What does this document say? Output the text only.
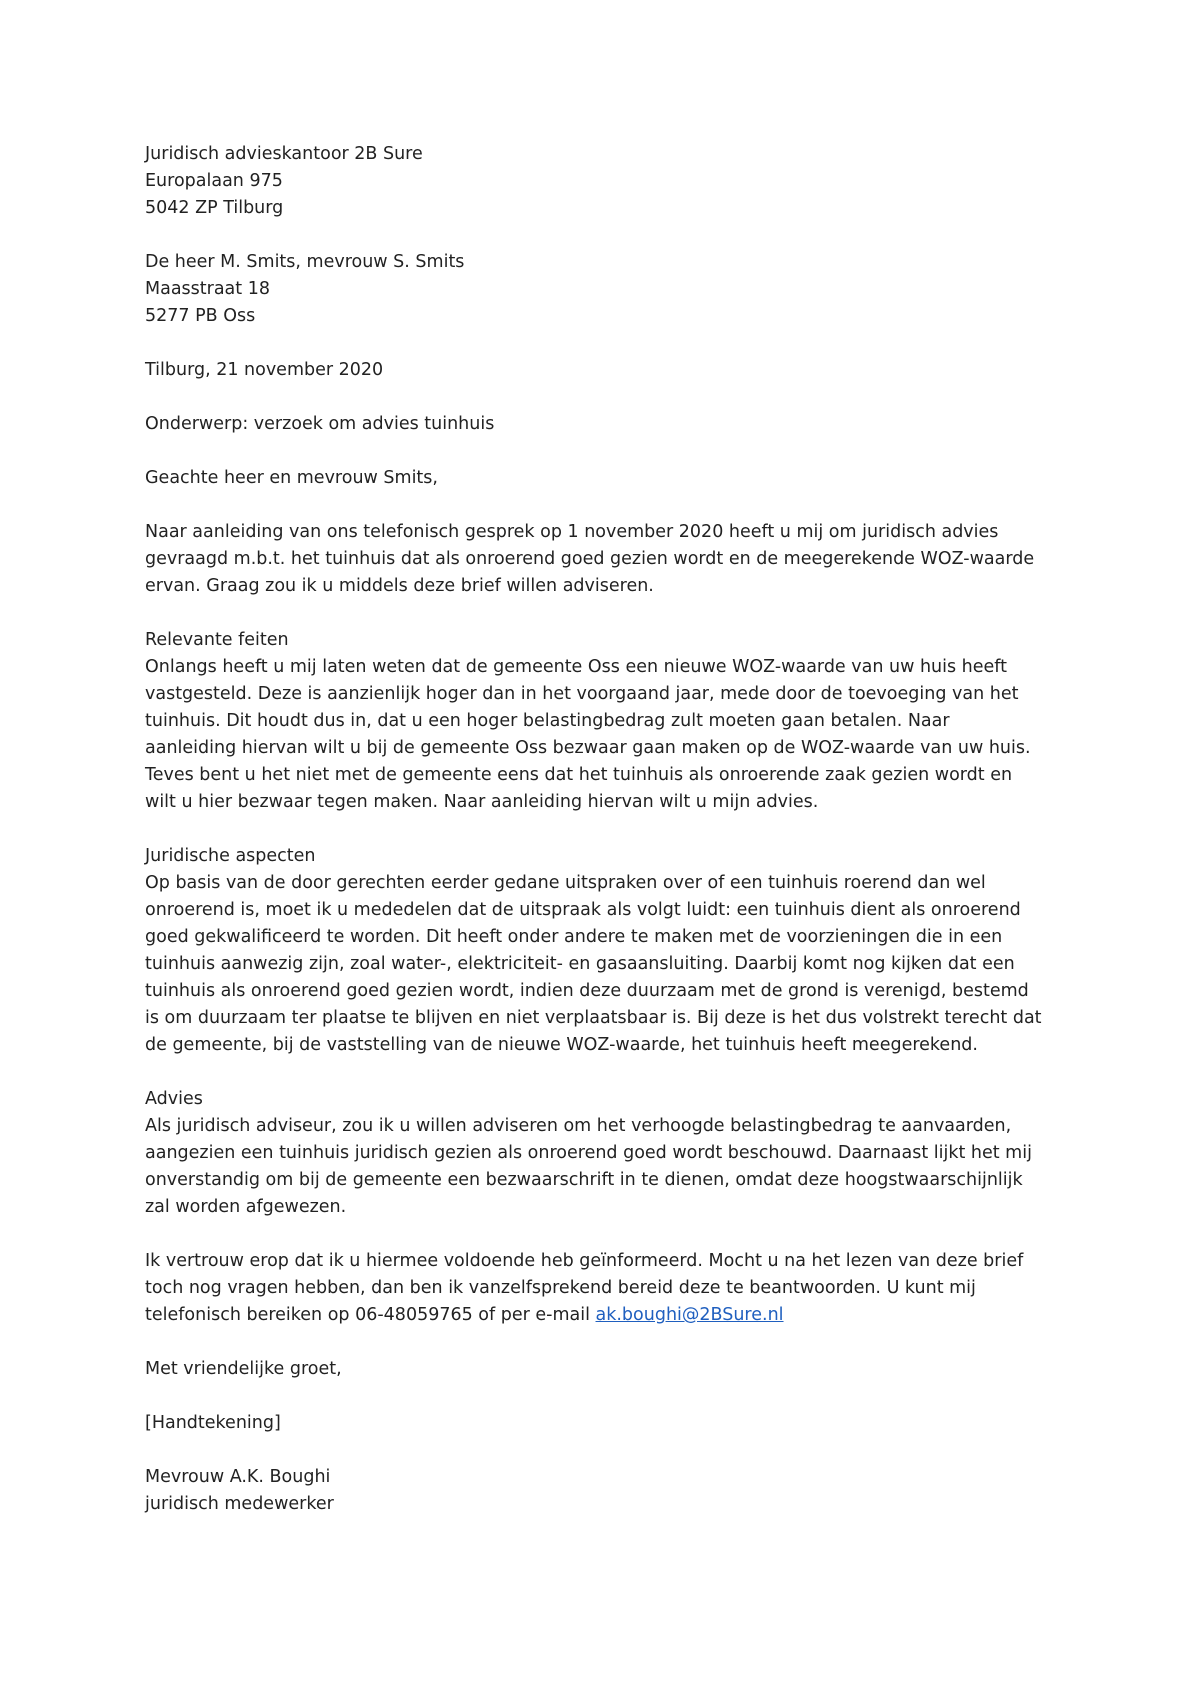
Juridisch advieskantoor 2B Sure
Europalaan 975
5042 ZP Tilburg
De heer M. Smits, mevrouw S. Smits
Maasstraat 18
5277 PB Oss
Tilburg, 21 november 2020
Onderwerp: verzoek om advies tuinhuis
Geachte heer en mevrouw Smits,
Naar aanleiding van ons telefonisch gesprek op 1 november 2020 heeft u mij om juridisch advies
gevraagd m.b.t. het tuinhuis dat als onroerend goed gezien wordt en de meegerekende WOZ-waarde
ervan. Graag zou ik u middels deze brief willen adviseren.
Relevante feiten
Onlangs heeft u mij laten weten dat de gemeente Oss een nieuwe WOZ-waarde van uw huis heeft
vastgesteld. Deze is aanzienlijk hoger dan in het voorgaand jaar, mede door de toevoeging van het
tuinhuis. Dit houdt dus in, dat u een hoger belastingbedrag zult moeten gaan betalen. Naar
aanleiding hiervan wilt u bij de gemeente Oss bezwaar gaan maken op de WOZ-waarde van uw huis.
Teves bent u het niet met de gemeente eens dat het tuinhuis als onroerende zaak gezien wordt en
wilt u hier bezwaar tegen maken. Naar aanleiding hiervan wilt u mijn advies.
Juridische aspecten
Op basis van de door gerechten eerder gedane uitspraken over of een tuinhuis roerend dan wel
onroerend is, moet ik u mededelen dat de uitspraak als volgt luidt: een tuinhuis dient als onroerend
goed gekwalificeerd te worden. Dit heeft onder andere te maken met de voorzieningen die in een
tuinhuis aanwezig zijn, zoal water-, elektriciteit- en gasaansluiting. Daarbij komt nog kijken dat een
tuinhuis als onroerend goed gezien wordt, indien deze duurzaam met de grond is verenigd, bestemd
is om duurzaam ter plaatse te blijven en niet verplaatsbaar is. Bij deze is het dus volstrekt terecht dat
de gemeente, bij de vaststelling van de nieuwe WOZ-waarde, het tuinhuis heeft meegerekend.
Advies
Als juridisch adviseur, zou ik u willen adviseren om het verhoogde belastingbedrag te aanvaarden,
aangezien een tuinhuis juridisch gezien als onroerend goed wordt beschouwd. Daarnaast lijkt het mij
onverstandig om bij de gemeente een bezwaarschrift in te dienen, omdat deze hoogstwaarschijnlijk
zal worden afgewezen.
Ik vertrouw erop dat ik u hiermee voldoende heb geïnformeerd. Mocht u na het lezen van deze brief
toch nog vragen hebben, dan ben ik vanzelfsprekend bereid deze te beantwoorden. U kunt mij
telefonisch bereiken op 06-48059765 of per e-mail ak.boughi@2BSure.nl
Met vriendelijke groet,
[Handtekening]
Mevrouw A.K. Boughi
juridisch medewerker
